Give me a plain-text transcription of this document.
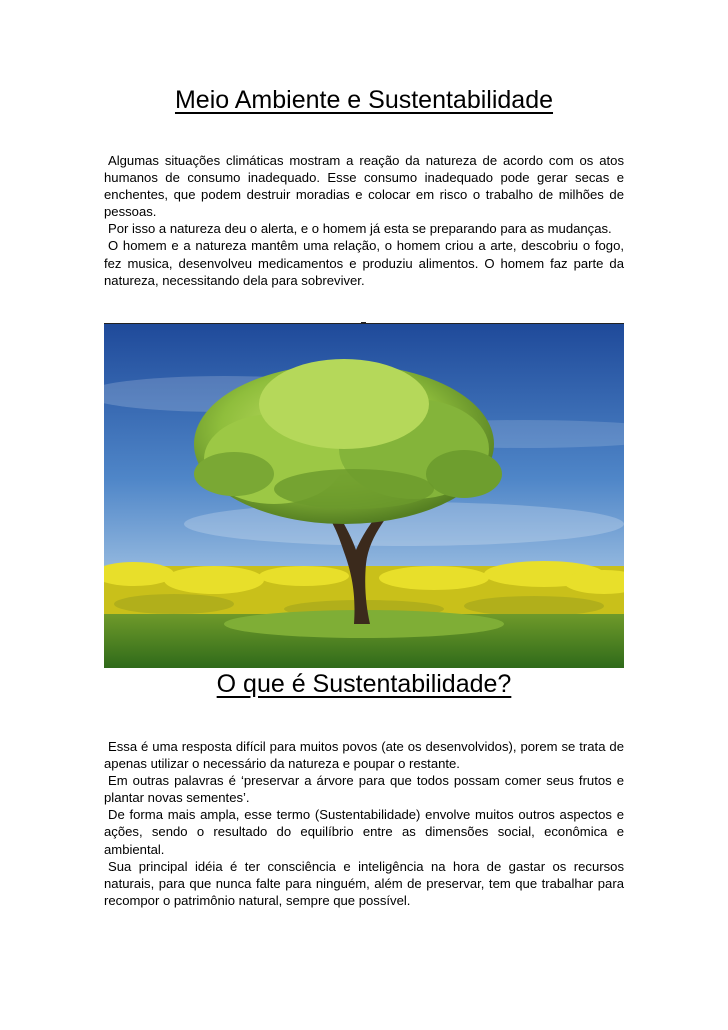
Meio Ambiente e Sustentabilidade

Algumas situações climáticas mostram a reação da natureza de acordo com os atos humanos de consumo inadequado. Esse consumo inadequado pode gerar secas e enchentes, que podem destruir moradias e colocar em risco o trabalho de milhões de pessoas.

Por isso a natureza deu o alerta, e o homem já esta se preparando para as mudanças.

O homem e a natureza mantêm uma relação, o homem criou a arte, descobriu o fogo, fez musica, desenvolveu medicamentos e produziu alimentos. O homem faz parte da natureza, necessitando dela para sobreviver.

O que é Sustentabilidade?

Essa é uma resposta difícil para muitos povos (ate os desenvolvidos), porem se trata de apenas utilizar o necessário da natureza e poupar o restante.

Em outras palavras é ‘preservar a árvore para que todos possam comer seus frutos e plantar novas sementes’.

De forma mais ampla, esse termo (Sustentabilidade) envolve muitos outros aspectos e ações, sendo o resultado do equilíbrio entre as dimensões social, econômica e ambiental.

Sua principal idéia é ter consciência e inteligência na hora de gastar os recursos naturais, para que nunca falte para ninguém, além de preservar, tem que trabalhar para recompor o patrimônio natural, sempre que possível.
